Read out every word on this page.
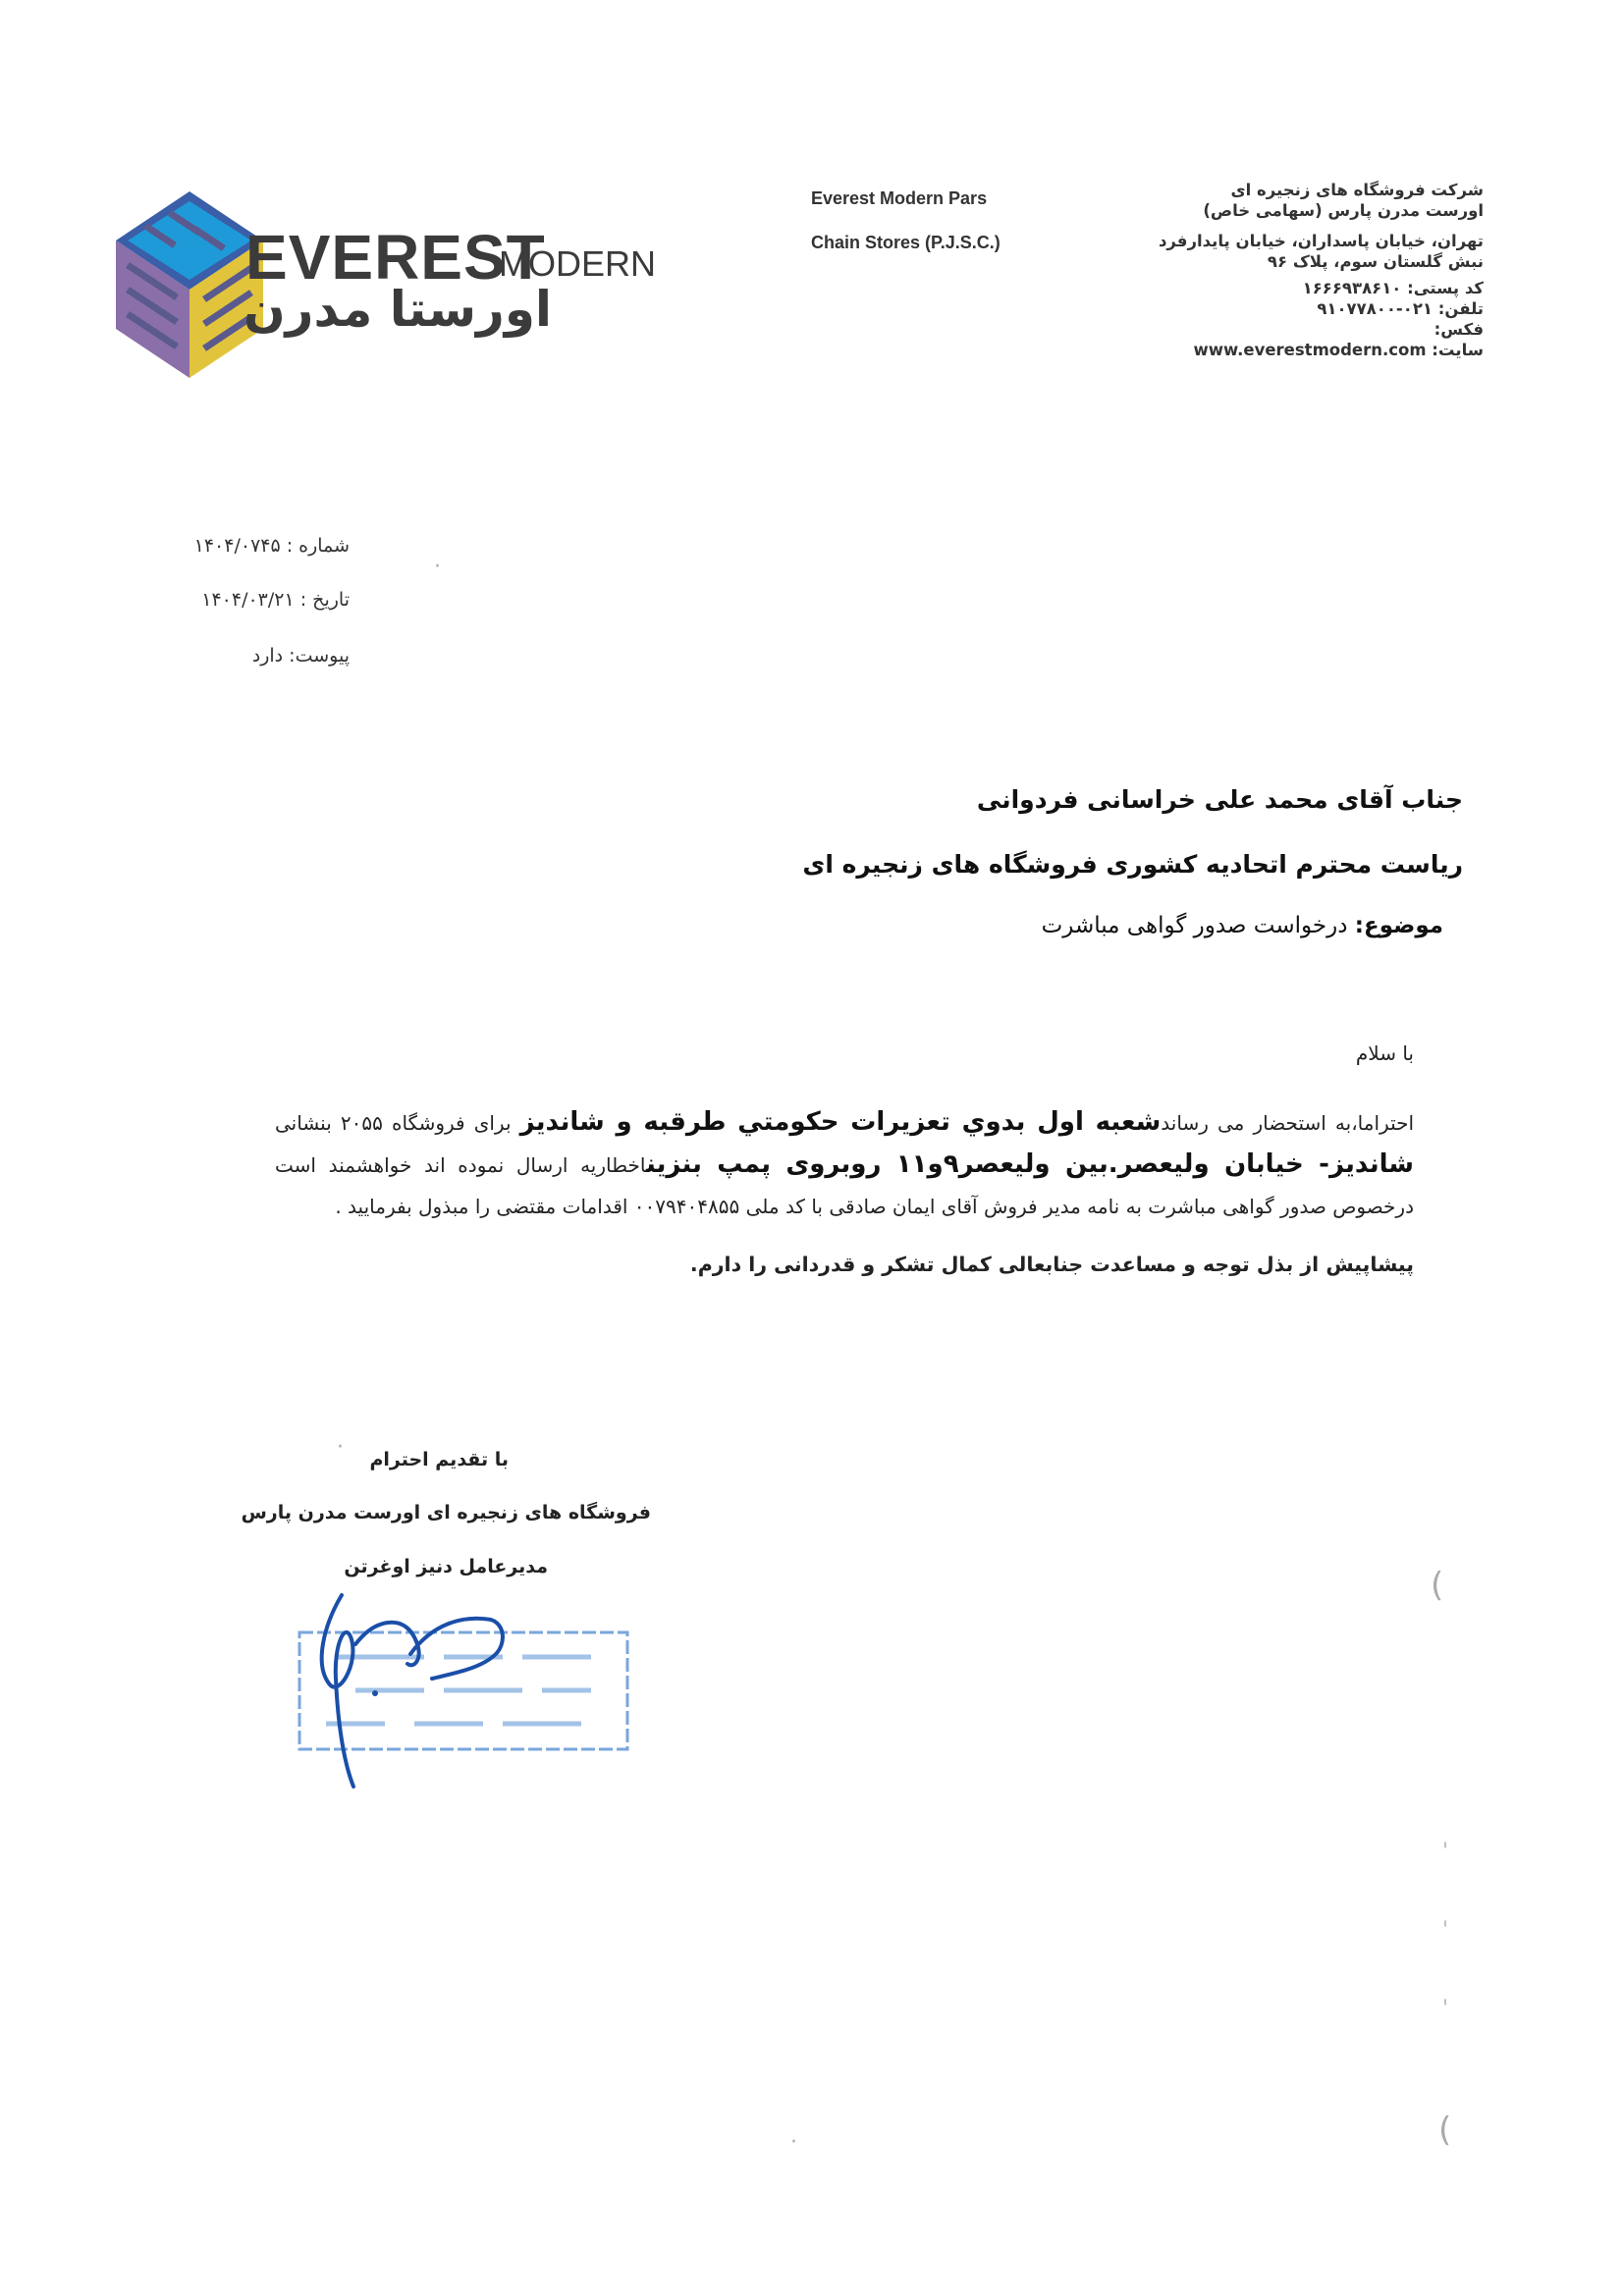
EVEREST
MODERN
اورستا مدرن
Everest Modern Pars
Chain Stores (P.J.S.C.)
شرکت فروشگاه های زنجیره ای
اورست مدرن پارس (سهامی خاص)
تهران، خیابان پاسداران، خیابان پایدارفرد
نبش گلستان سوم، پلاک ۹۶
کد پستی: ۱۶۶۶۹۳۸۶۱۰
تلفن: ۰۲۱-۹۱۰۷۷۸۰۰
فکس:
سایت: www.everestmodern.com
شماره : ۱۴۰۴/۰۷۴۵
تاریخ : ۱۴۰۴/۰۳/۲۱
پیوست: دارد
·
جناب آقای محمد علی خراسانی فردوانی
ریاست محترم اتحادیه کشوری فروشگاه های زنجیره ای
موضوع: درخواست صدور گواهی مباشرت
با سلام
احتراما،به استحضار می رساندشعبه اول بدوي تعزيرات حكومتي طرقبه و شانديز برای فروشگاه ۲۰۵۵ بنشانی شانديز- خيابان وليعصر.بين وليعصر۹و۱۱ روبروی پمپ بنزيناخطاریه ارسال نموده اند خواهشمند است درخصوص صدور گواهی مباشرت به نامه مدیر فروش آقای ایمان صادقی با کد ملی ۰۰۷۹۴۰۴۸۵۵ اقدامات مقتضی را مبذول بفرمایید .
پیشاپیش از بذل توجه و مساعدت جنابعالی کمال تشکر و قدردانی را دارم.
با تقديم احترام
·
فروشگاه های زنجیره ای اورست مدرن پارس
مديرعامل دنيز اوغرتن	(
ˌ
ˌ
ˌ
(
·
